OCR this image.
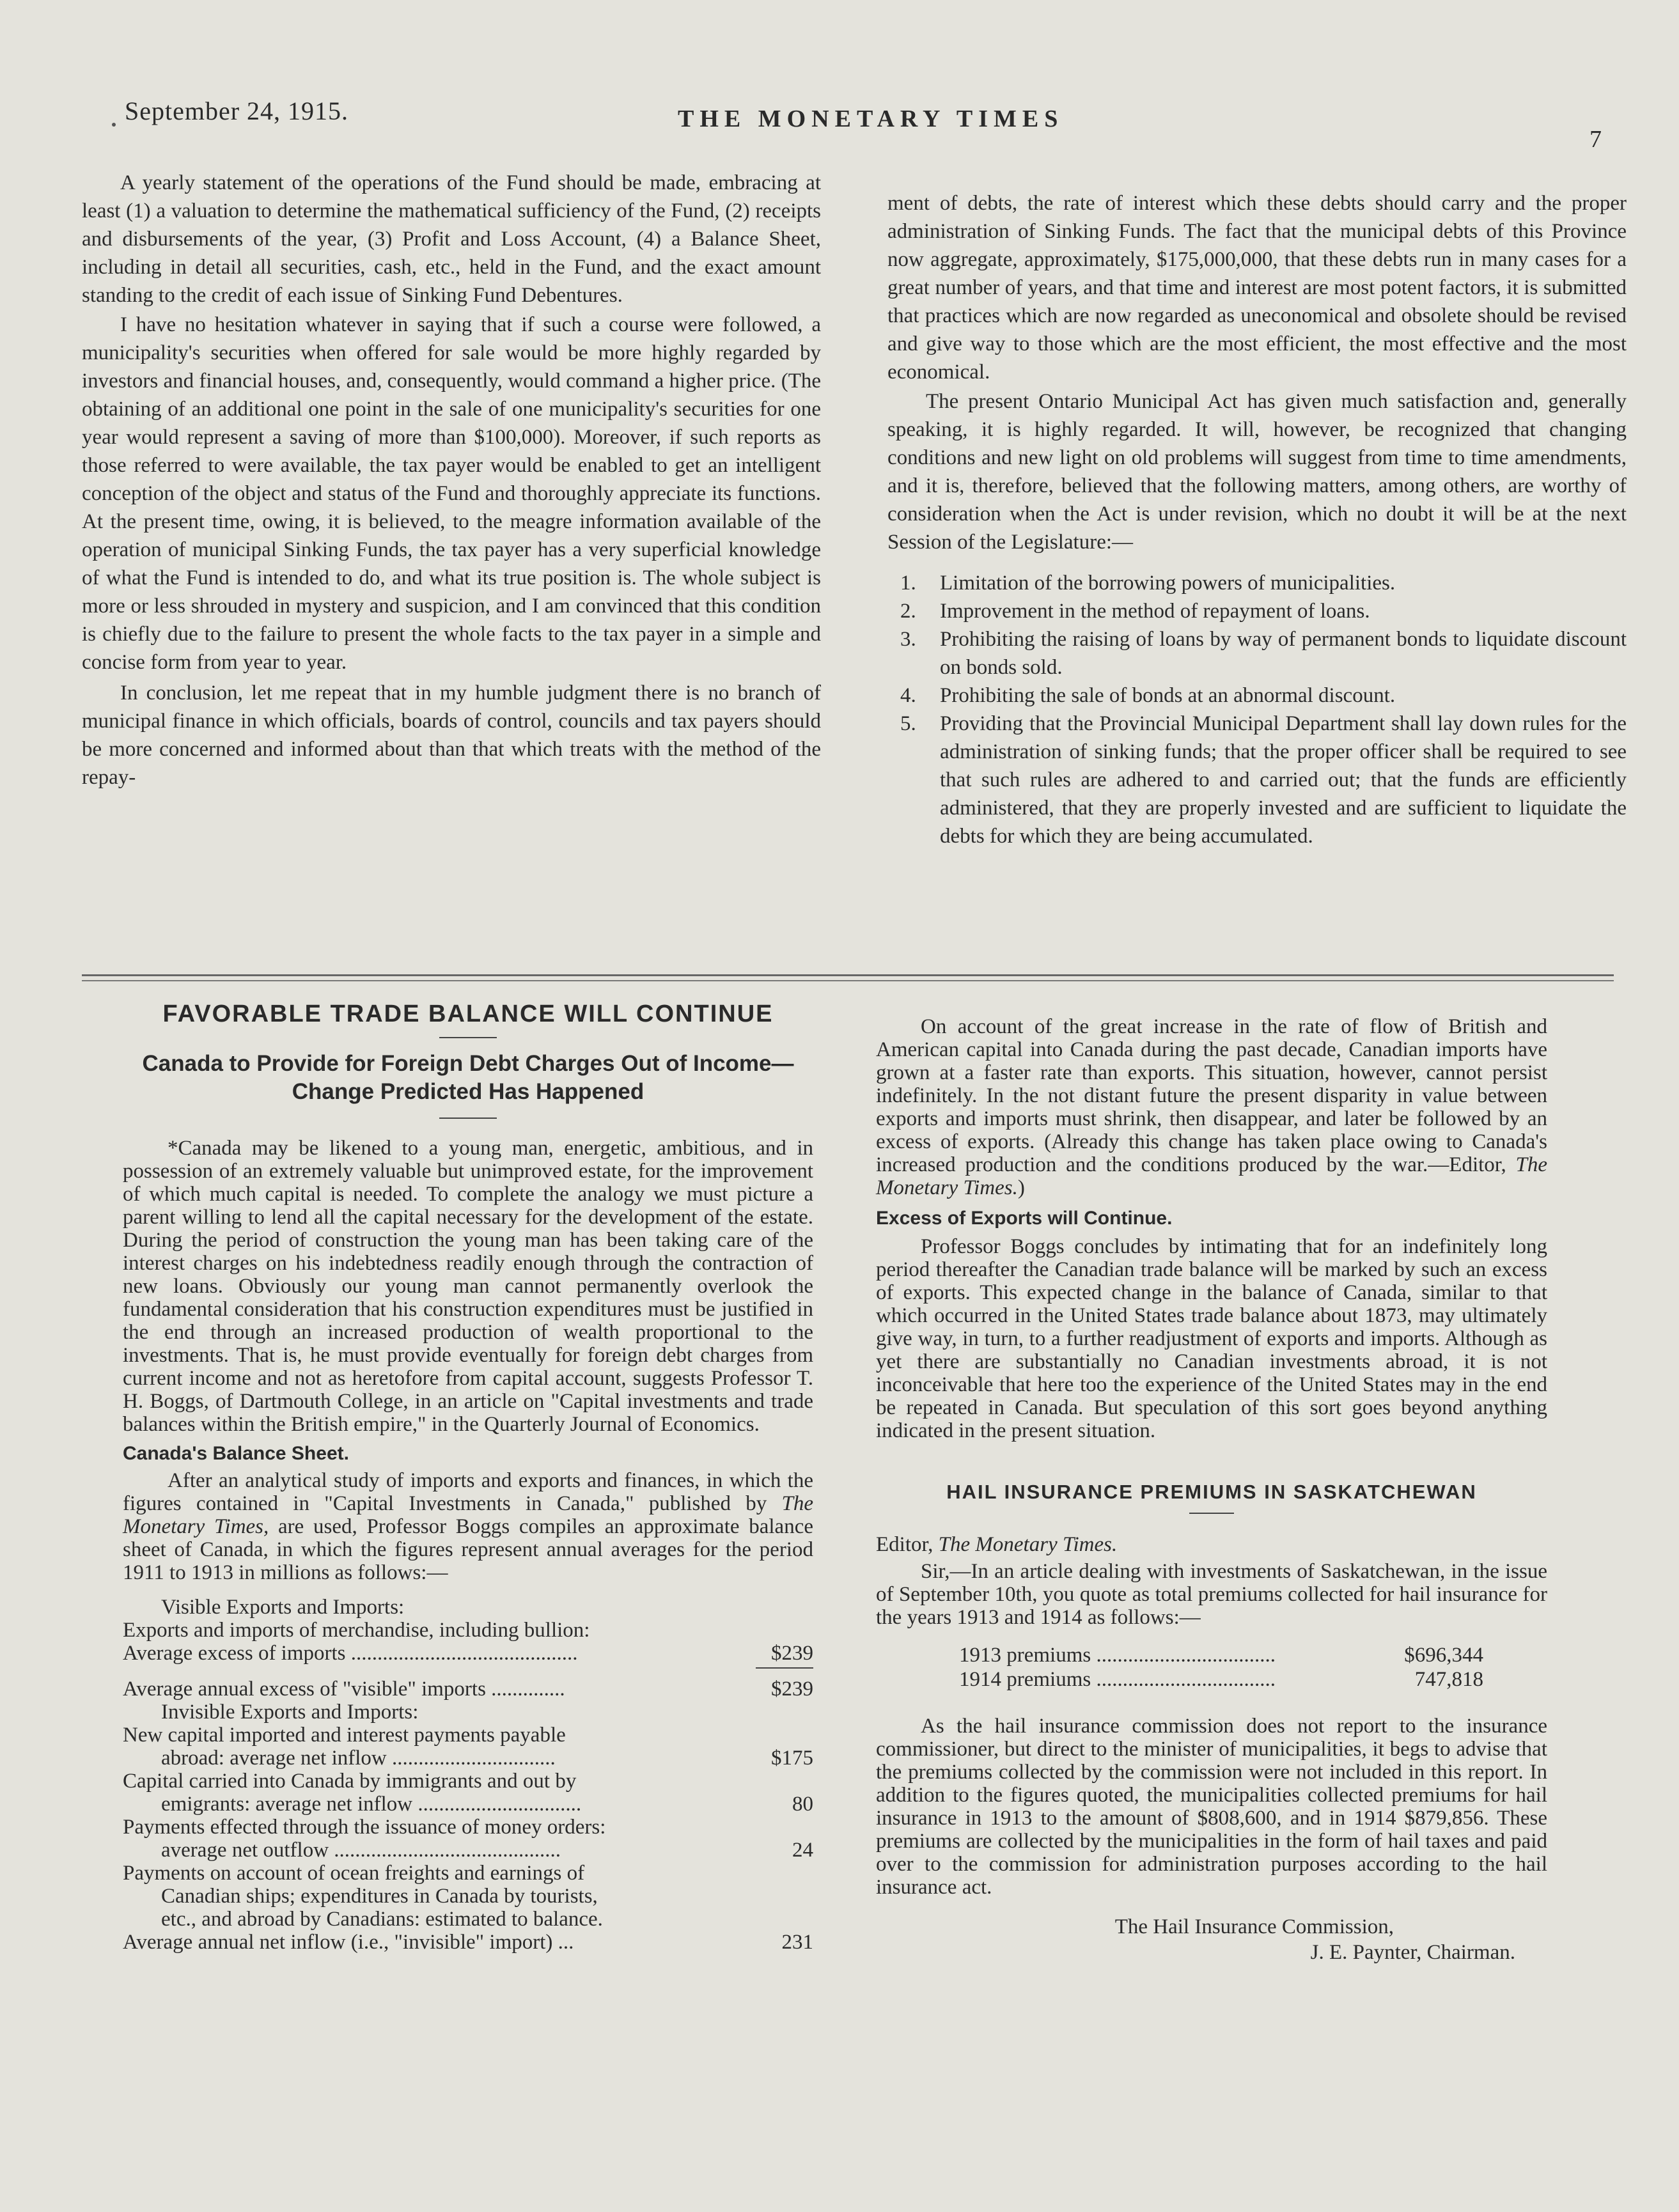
September 24, 1915.	THE MONETARY TIMES
7

A yearly statement of the operations of the Fund should be made, embracing at least (1) a valuation to determine the mathematical sufficiency of the Fund, (2) receipts and disbursements of the year, (3) Profit and Loss Account, (4) a Balance Sheet, including in detail all securities, cash, etc., held in the Fund, and the exact amount standing to the credit of each issue of Sinking Fund Debentures.

I have no hesitation whatever in saying that if such a course were followed, a municipality's securities when offered for sale would be more highly regarded by investors and financial houses, and, consequently, would command a higher price. (The obtaining of an additional one point in the sale of one municipality's securities for one year would represent a saving of more than $100,000). Moreover, if such reports as those referred to were available, the tax payer would be enabled to get an intelligent conception of the object and status of the Fund and thoroughly appreciate its functions. At the present time, owing, it is believed, to the meagre information available of the operation of municipal Sinking Funds, the tax payer has a very superficial knowledge of what the Fund is intended to do, and what its true position is. The whole subject is more or less shrouded in mystery and suspicion, and I am convinced that this condition is chiefly due to the failure to present the whole facts to the tax payer in a simple and concise form from year to year.

In conclusion, let me repeat that in my humble judgment there is no branch of municipal finance in which officials, boards of control, councils and tax payers should be more concerned and informed about than that which treats with the method of the repay-

ment of debts, the rate of interest which these debts should carry and the proper administration of Sinking Funds. The fact that the municipal debts of this Province now aggregate, approximately, $175,000,000, that these debts run in many cases for a great number of years, and that time and interest are most potent factors, it is submitted that practices which are now regarded as uneconomical and obsolete should be revised and give way to those which are the most efficient, the most effective and the most economical.

The present Ontario Municipal Act has given much satisfaction and, generally speaking, it is highly regarded. It will, however, be recognized that changing conditions and new light on old problems will suggest from time to time amendments, and it is, therefore, believed that the following matters, among others, are worthy of consideration when the Act is under revision, which no doubt it will be at the next Session of the Legislature:—

1. Limitation of the borrowing powers of municipalities.
2. Improvement in the method of repayment of loans.
3. Prohibiting the raising of loans by way of permanent bonds to liquidate discount on bonds sold.
4. Prohibiting the sale of bonds at an abnormal discount.
5. Providing that the Provincial Municipal Department shall lay down rules for the administration of sinking funds; that the proper officer shall be required to see that such rules are adhered to and carried out; that the funds are efficiently administered, that they are properly invested and are sufficient to liquidate the debts for which they are being accumulated.
FAVORABLE TRADE BALANCE WILL CONTINUE
Canada to Provide for Foreign Debt Charges Out of Income—Change Predicted Has Happened

*Canada may be likened to a young man, energetic, ambitious, and in possession of an extremely valuable but unimproved estate, for the improvement of which much capital is needed. To complete the analogy we must picture a parent willing to lend all the capital necessary for the development of the estate. During the period of construction the young man has been taking care of the interest charges on his indebtedness readily enough through the contraction of new loans. Obviously our young man cannot permanently overlook the fundamental consideration that his construction expenditures must be justified in the end through an increased production of wealth proportional to the investments. That is, he must provide eventually for foreign debt charges from current income and not as heretofore from capital account, suggests Professor T. H. Boggs, of Dartmouth College, in an article on "Capital investments and trade balances within the British empire," in the Quarterly Journal of Economics.

Canada's Balance Sheet.

After an analytical study of imports and exports and finances, in which the figures contained in "Capital Investments in Canada," published by The Monetary Times, are used, Professor Boggs compiles an approximate balance sheet of Canada, in which the figures represent annual averages for the period 1911 to 1913 in millions as follows:—

Visible Exports and Imports:
Exports and imports of merchandise, including bullion:
Average excess of imports ...........................................	$239
Average annual excess of "visible" imports ..............	$239
Invisible Exports and Imports:
New capital imported and interest payments payable
abroad: average net inflow ...............................	$175
Capital carried into Canada by immigrants and out by
emigrants: average net inflow ...............................	80
Payments effected through the issuance of money orders:
average net outflow ...........................................	24
Payments on account of ocean freights and earnings of
Canadian ships; expenditures in Canada by tourists,
etc., and abroad by Canadians: estimated to balance.
Average annual net inflow (i.e., "invisible" import) ...	231

On account of the great increase in the rate of flow of British and American capital into Canada during the past decade, Canadian imports have grown at a faster rate than exports. This situation, however, cannot persist indefinitely. In the not distant future the present disparity in value between exports and imports must shrink, then disappear, and later be followed by an excess of exports. (Already this change has taken place owing to Canada's increased production and the conditions produced by the war.—Editor, The Monetary Times.)

Excess of Exports will Continue.

Professor Boggs concludes by intimating that for an indefinitely long period thereafter the Canadian trade balance will be marked by such an excess of exports. This expected change in the balance of Canada, similar to that which occurred in the United States trade balance about 1873, may ultimately give way, in turn, to a further readjustment of exports and imports. Although as yet there are substantially no Canadian investments abroad, it is not inconceivable that here too the experience of the United States may in the end be repeated in Canada. But speculation of this sort goes beyond anything indicated in the present situation.

HAIL INSURANCE PREMIUMS IN SASKATCHEWAN

Editor, The Monetary Times.

Sir,—In an article dealing with investments of Saskatchewan, in the issue of September 10th, you quote as total premiums collected for hail insurance for the years 1913 and 1914 as follows:—

1913 premiums ..................................	$696,344
1914 premiums ..................................	747,818

As the hail insurance commission does not report to the insurance commissioner, but direct to the minister of municipalities, it begs to advise that the premiums collected by the commission were not included in this report. In addition to the figures quoted, the municipalities collected premiums for hail insurance in 1913 to the amount of $808,600, and in 1914 $879,856. These premiums are collected by the municipalities in the form of hail taxes and paid over to the commission for administration purposes according to the hail insurance act.

The Hail Insurance Commission,
J. E. Paynter, Chairman.
